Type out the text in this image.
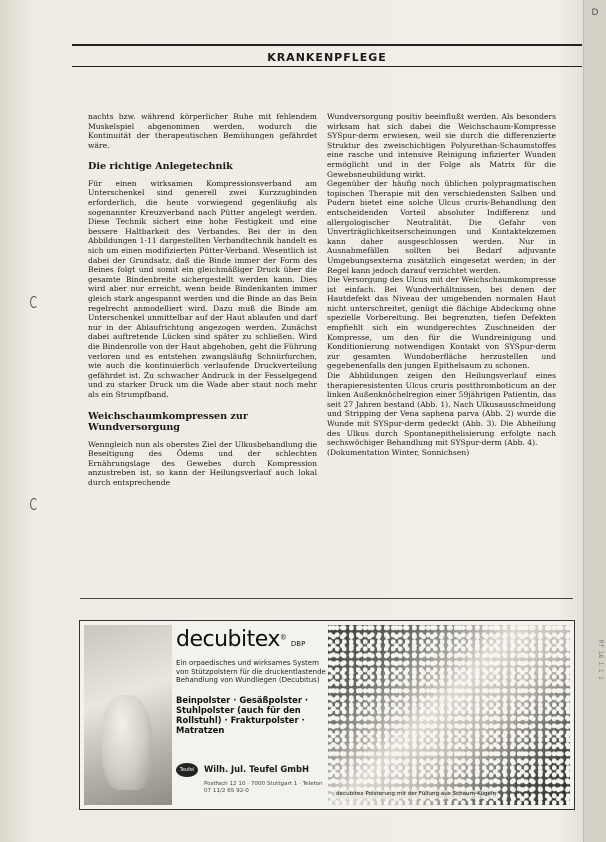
D
Rf 16 1 1 1
KRANKENPFLEGE

nachts bzw. während körperlicher Ruhe mit fehlendem Muskelspiel abgenommen werden, wodurch die Kontinuität der therapeutischen Bemühungen gefährdet wäre.

Die richtige Anlegetechnik

Für einen wirksamen Kompressionsverband am Unterschenkel sind generell zwei Kurzzugbinden erforderlich, die heute vorwiegend gegenläufig als sogenannter Kreuzverband nach Pütter angelegt werden. Diese Technik sichert eine hohe Festigkeit und eine bessere Haltbarkeit des Verbandes. Bei der in den Abbildungen 1-11 dargestellten Verbandtechnik handelt es sich um einen modifizierten Pütter-Verband. Wesentlich ist dabei der Grundsatz, daß die Binde immer der Form des Beines folgt und somit ein gleichmäßiger Druck über die gesamte Bindenbreite sichergestellt werden kann. Dies wird aber nur erreicht, wenn beide Bindenkanten immer gleich stark angespannt werden und die Binde an das Bein regelrecht anmodelliert wird. Dazu muß die Binde am Unterschenkel unmittelbar auf der Haut ablaufen und darf nur in der Ablaufrichtung angezogen werden. Zunächst dabei auftretende Lücken sind später zu schließen. Wird die Bindenrolle von der Haut abgehoben, geht die Führung verloren und es entstehen zwangsläufig Schnürfurchen, wie auch die kontinuierlich verlaufende Druckverteilung gefährdet ist. Zu schwacher Andruck in der Fesselgegend und zu starker Druck um die Wade aber staut noch mehr als ein Strumpfband.

Weichschaumkompressen zur Wundversorgung

Wenngleich nun als oberstes Ziel der Ulkusbehandlung die Beseitigung des Ödems und der schlechten Ernährungslage des Gewebes durch Kompression anzustreben ist, so kann der Heilungsverlauf auch lokal durch entsprechende

Wundversorgung positiv beeinflußt werden. Als besonders wirksam hat sich dabei die Weichschaum-Kompresse SYSpur-derm erwiesen, weil sie durch die differenzierte Struktur des zweischichtigen Polyurethan-Schaumstoffes eine rasche und intensive Reinigung infizierter Wunden ermöglicht und in der Folge als Matrix für die Gewebsneubildung wirkt.

Gegenüber der häufig noch üblichen polypragmatischen topischen Therapie mit den verschiedensten Salben und Pudern bietet eine solche Ulcus cruris-Behandlung den entscheidenden Vorteil absoluter Indifferenz und allergologischer Neutralität. Die Gefahr von Unverträglichkeitserscheinungen und Kontaktekzemen kann daher ausgeschlossen werden. Nur in Ausnahmefällen sollten bei Bedarf adjuvante Umgebungsexterna zusätzlich eingesetzt werden; in der Regel kann jedoch darauf verzichtet werden.

Die Versorgung des Ulcus mit der Weichschaumkompresse ist einfach. Bei Wundverhältnissen, bei denen der Hautdefekt das Niveau der umgebenden normalen Haut nicht unterschreitet, genügt die flächige Abdeckung ohne spezielle Vorbereitung. Bei begrenzten, tiefen Defekten empfiehlt sich ein wundgerechtes Zuschneiden der Kompresse, um den für die Wundreinigung und Konditionierung notwendigen Kontakt von SYSpur-derm zur gesamten Wundoberfläche herzustellen und gegebenenfalls den jungen Epithelsaum zu schonen.

Die Abbildungen zeigen den Heilungsverlauf eines therapieresistenten Ulcus cruris postthromboticum an der linken Außenknöchelregion einer 59jährigen Patientin, das seit 27 Jahren bestand (Abb. 1). Nach Ulkusausschneidung und Stripping der Vena saphena parva (Abb. 2) wurde die Wunde mit SYSpur-derm gedeckt (Abb. 3). Die Abheilung des Ulkus durch Spontanepithelisierung erfolgte nach sechswöchiger Behandlung mit SYSpur-derm (Abb. 4).

(Dokumentation Winter, Sonnichsen)

decubitex®DBP
Ein orpaedisches und wirksames System von Stützpolstern für die druckentlastende Behandlung von Wundliegen (Decubitus)
Beinpolster · Gesäßpolster · Stuhlpolster (auch für den Rollstuhl) · Frakturpolster · Matratzen
Teufel	Wilh. Jul. Teufel GmbH
Postfach 12 10 · 7000 Stuttgart 1 · Telefon 07 11/2 65 92-0	decubitex Polsterung mit der Füllung aus Schaum-Kugeln
